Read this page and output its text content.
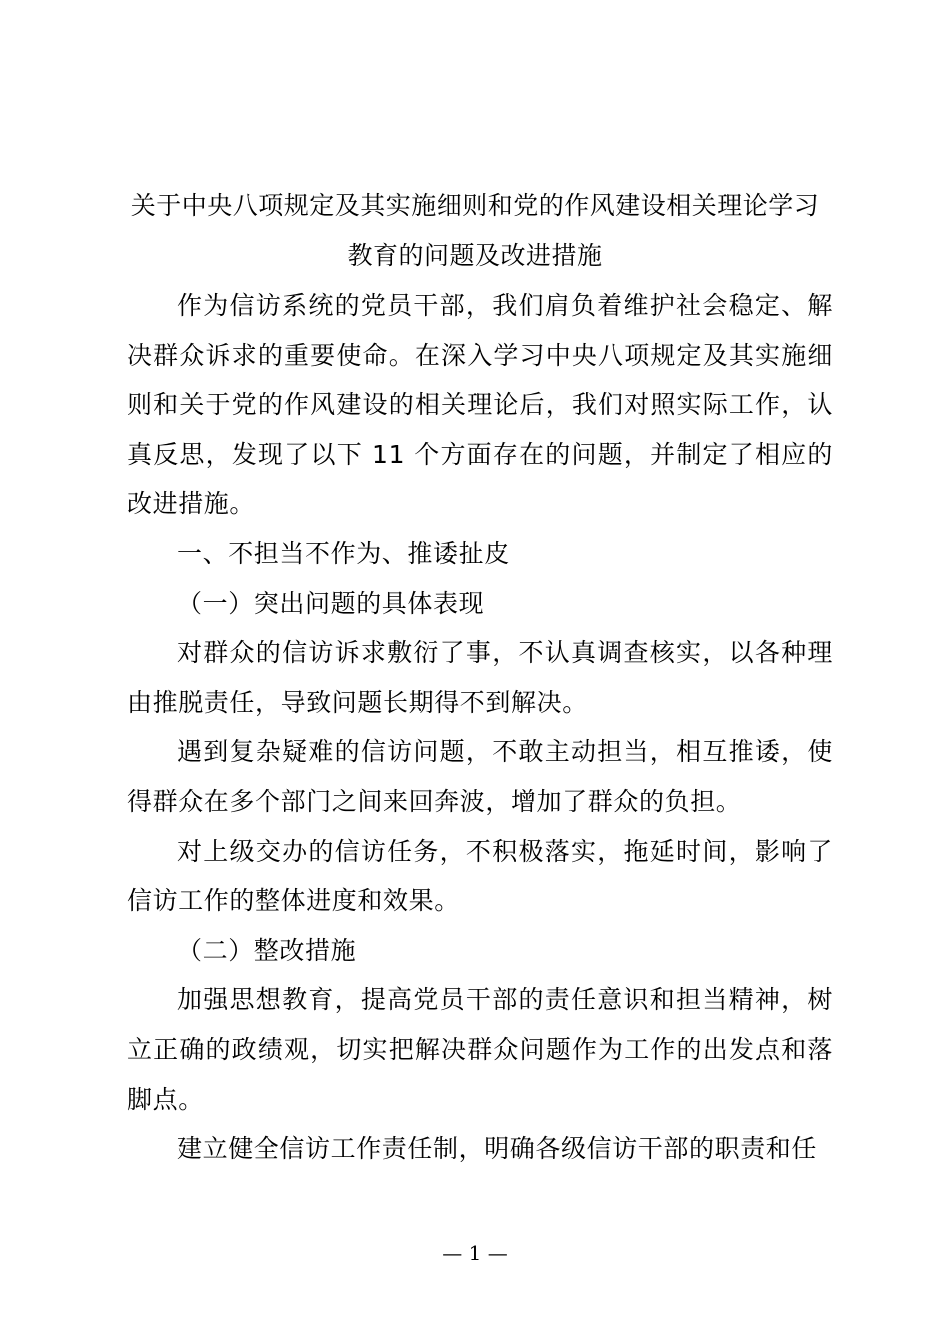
关于中央八项规定及其实施细则和党的作风建设相关理论学习
教育的问题及改进措施

作为信访系统的党员干部，我们肩负着维护社会稳定、解决群众诉求的重要使命。在深入学习中央八项规定及其实施细则和关于党的作风建设的相关理论后，我们对照实际工作，认真反思，发现了以下 11 个方面存在的问题，并制定了相应的改进措施。

一、不担当不作为、推诿扯皮

（一）突出问题的具体表现

对群众的信访诉求敷衍了事，不认真调查核实，以各种理由推脱责任，导致问题长期得不到解决。

遇到复杂疑难的信访问题，不敢主动担当，相互推诿，使得群众在多个部门之间来回奔波，增加了群众的负担。

对上级交办的信访任务，不积极落实，拖延时间，影响了信访工作的整体进度和效果。

（二）整改措施

加强思想教育，提高党员干部的责任意识和担当精神，树立正确的政绩观，切实把解决群众问题作为工作的出发点和落脚点。

建立健全信访工作责任制，明确各级信访干部的职责和任

— 1 —
